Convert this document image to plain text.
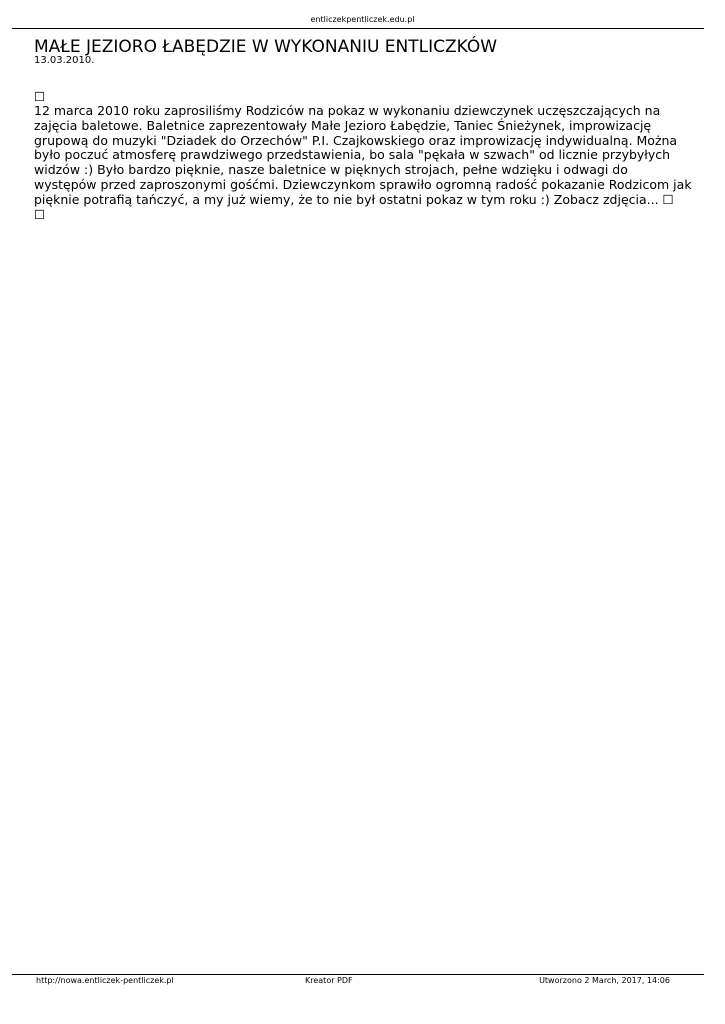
entliczekpentliczek.edu.pl
MAŁE JEZIORO ŁABĘDZIE W WYKONANIU ENTLICZKÓW
13.03.2010.
☐

12 marca 2010 roku zaprosiliśmy Rodziców na pokaz w wykonaniu dziewczynek uczęszczających na zajęcia baletowe. Baletnice zaprezentowały Małe Jezioro Łabędzie, Taniec Śnieżynek, improwizację grupową do muzyki "Dziadek do Orzechów" P.I. Czajkowskiego oraz improwizację indywidualną. Można było poczuć atmosferę prawdziwego przedstawienia, bo sala "pękała w szwach" od licznie przybyłych widzów :) Było bardzo pięknie, nasze baletnice w pięknych strojach, pełne wdzięku i odwagi do występów przed zaproszonymi gośćmi. Dziewczynkom sprawiło ogromną radość pokazanie Rodzicom jak pięknie potrafią tańczyć, a my już wiemy, że to nie był ostatni pokaz w tym roku :) Zobacz zdjęcia... ☐

☐
http://nowa.entliczek-pentliczek.pl	Kreator PDF	Utworzono 2 March, 2017, 14:06
